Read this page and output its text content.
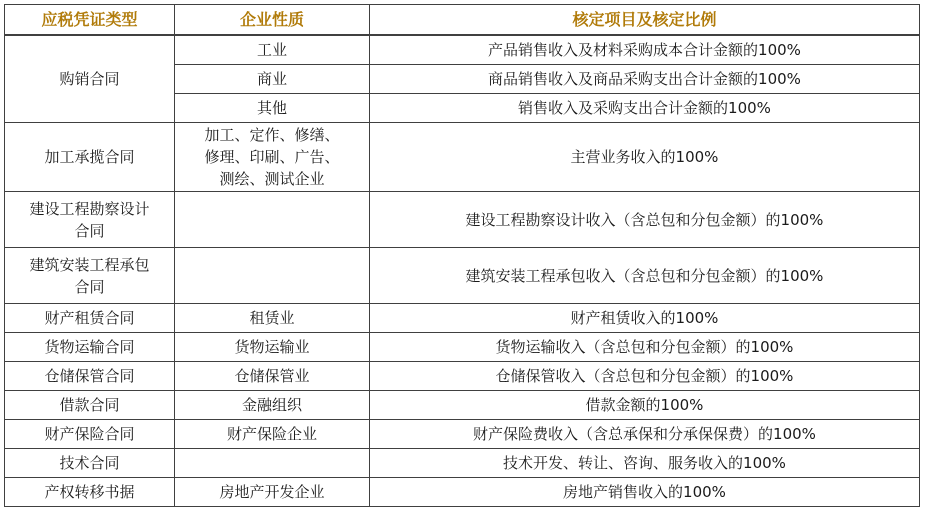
应税凭证类型	企业性质	核定项目及核定比例
购销合同	工业	产品销售收入及材料采购成本合计金额的100%
	商业	商品销售收入及商品采购支出合计金额的100%
	其他	销售收入及采购支出合计金额的100%
加工承揽合同	加工、定作、修缮、
修理、印刷、广告、
测绘、测试企业	主营业务收入的100%

建设工程勘察设计
合同		建设工程勘察设计收入（含总包和分包金额）的100%

建筑安装工程承包
合同		建筑安装工程承包收入（含总包和分包金额）的100%
财产租赁合同	租赁业	财产租赁收入的100%
货物运输合同	货物运输业	货物运输收入（含总包和分包金额）的100%
仓储保管合同	仓储保管业	仓储保管收入（含总包和分包金额）的100%
借款合同	金融组织	借款金额的100%
财产保险合同	财产保险企业	财产保险费收入（含总承保和分承保保费）的100%
技术合同		技术开发、转让、咨询、服务收入的100%
产权转移书据	房地产开发企业	房地产销售收入的100%
